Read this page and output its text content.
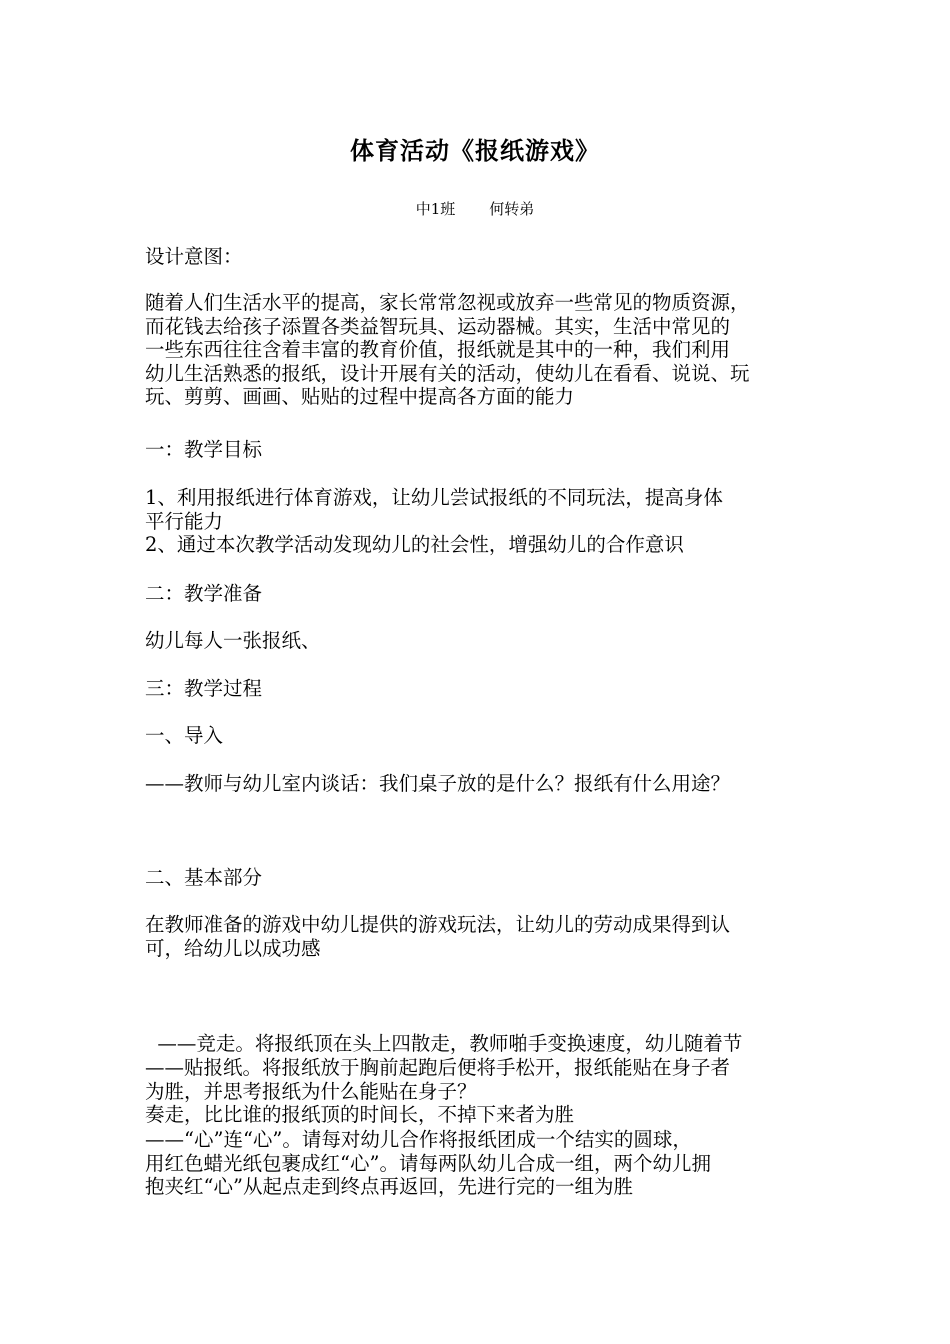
体育活动《报纸游戏》
中1班 何转弟
设计意图：

随着人们生活水平的提高，家长常常忽视或放弃一些常见的物质资源，

而花钱去给孩子添置各类益智玩具、运动器械。其实，生活中常见的

一些东西往往含着丰富的教育价值，报纸就是其中的一种，我们利用

幼儿生活熟悉的报纸，设计开展有关的活动，使幼儿在看看、说说、玩

玩、剪剪、画画、贴贴的过程中提高各方面的能力

一：教学目标

1、利用报纸进行体育游戏，让幼儿尝试报纸的不同玩法，提高身体

平行能力

2、通过本次教学活动发现幼儿的社会性，增强幼儿的合作意识

二：教学准备
幼儿每人一张报纸、
三：教学过程
一、导入
——教师与幼儿室内谈话：我们桌子放的是什么？报纸有什么用途？
二、基本部分

在教师准备的游戏中幼儿提供的游戏玩法，让幼儿的劳动成果得到认

可，给幼儿以成功感

——竞走。将报纸顶在头上四散走，教师啪手变换速度，幼儿随着节

奏走，比比谁的报纸顶的时间长，不掉下来者为胜

——贴报纸。将报纸放于胸前起跑后便将手松开，报纸能贴在身子者

为胜，并思考报纸为什么能贴在身子？

——“心”连“心”。请每对幼儿合作将报纸团成一个结实的圆球，

用红色蜡光纸包裹成红“心”。请每两队幼儿合成一组，两个幼儿拥

抱夹红“心”从起点走到终点再返回，先进行完的一组为胜
